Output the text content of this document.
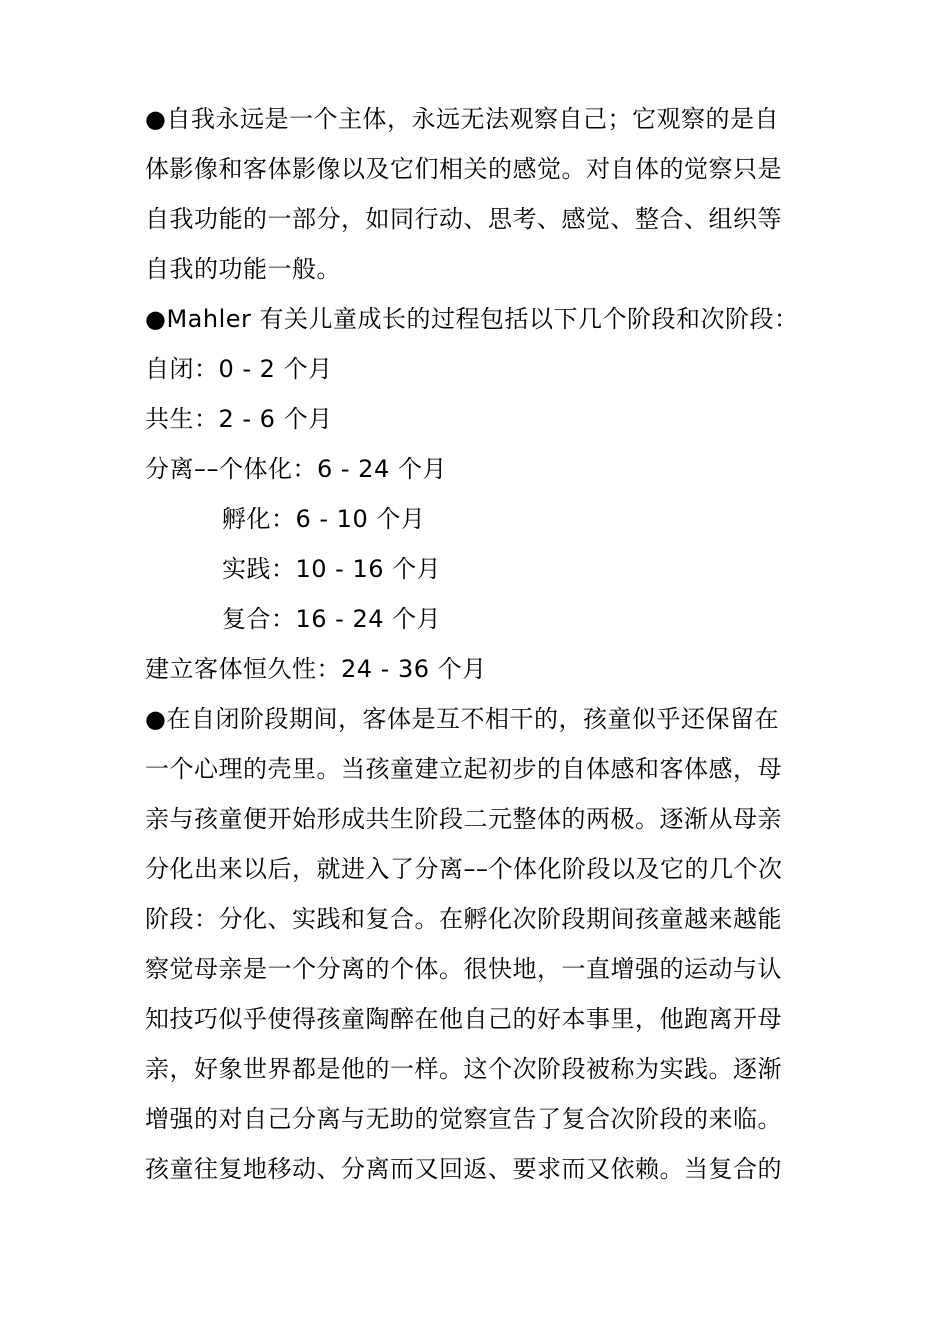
●自我永远是一个主体，永远无法观察自己；它观察的是自
体影像和客体影像以及它们相关的感觉。对自体的觉察只是
自我功能的一部分，如同行动、思考、感觉、整合、组织等
自我的功能一般。
●Mahler 有关儿童成长的过程包括以下几个阶段和次阶段：
自闭：0 - 2 个月
共生：2 - 6 个月
分离––个体化：6 - 24 个月
孵化：6 - 10 个月
实践：10 - 16 个月
复合：16 - 24 个月
建立客体恒久性：24 - 36 个月
●在自闭阶段期间，客体是互不相干的，孩童似乎还保留在
一个心理的壳里。当孩童建立起初步的自体感和客体感，母
亲与孩童便开始形成共生阶段二元整体的两极。逐渐从母亲
分化出来以后，就进入了分离––个体化阶段以及它的几个次
阶段：分化、实践和复合。在孵化次阶段期间孩童越来越能
察觉母亲是一个分离的个体。很快地，一直增强的运动与认
知技巧似乎使得孩童陶醉在他自己的好本事里，他跑离开母
亲，好象世界都是他的一样。这个次阶段被称为实践。逐渐
增强的对自己分离与无助的觉察宣告了复合次阶段的来临。
孩童往复地移动、分离而又回返、要求而又依赖。当复合的
